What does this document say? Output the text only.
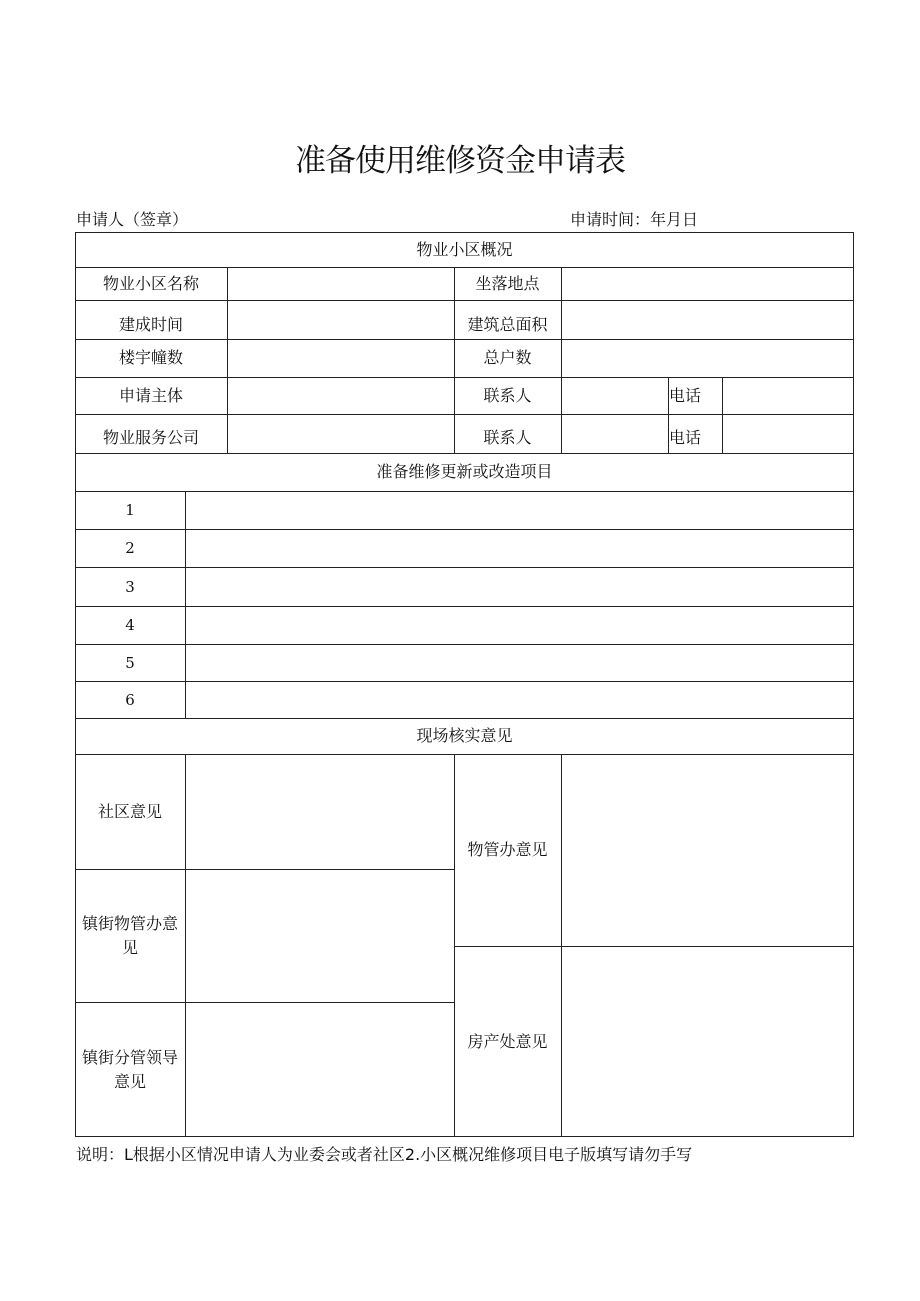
准备使用维修资金申请表
申请人（签章）	申请时间：年月日
物业小区概况
物业小区名称	坐落地点
建成时间	建筑总面积
楼宇幢数	总户数
申请主体	联系人	电话
物业服务公司	联系人	电话
准备维修更新或改造项目
1
2
3
4
5
6
现场核实意见
社区意见
镇街物管办意见
镇街分管领导意见
物管办意见
房产处意见
说明：L根据小区情况申请人为业委会或者社区2.小区概况维修项目电子版填写请勿手写
